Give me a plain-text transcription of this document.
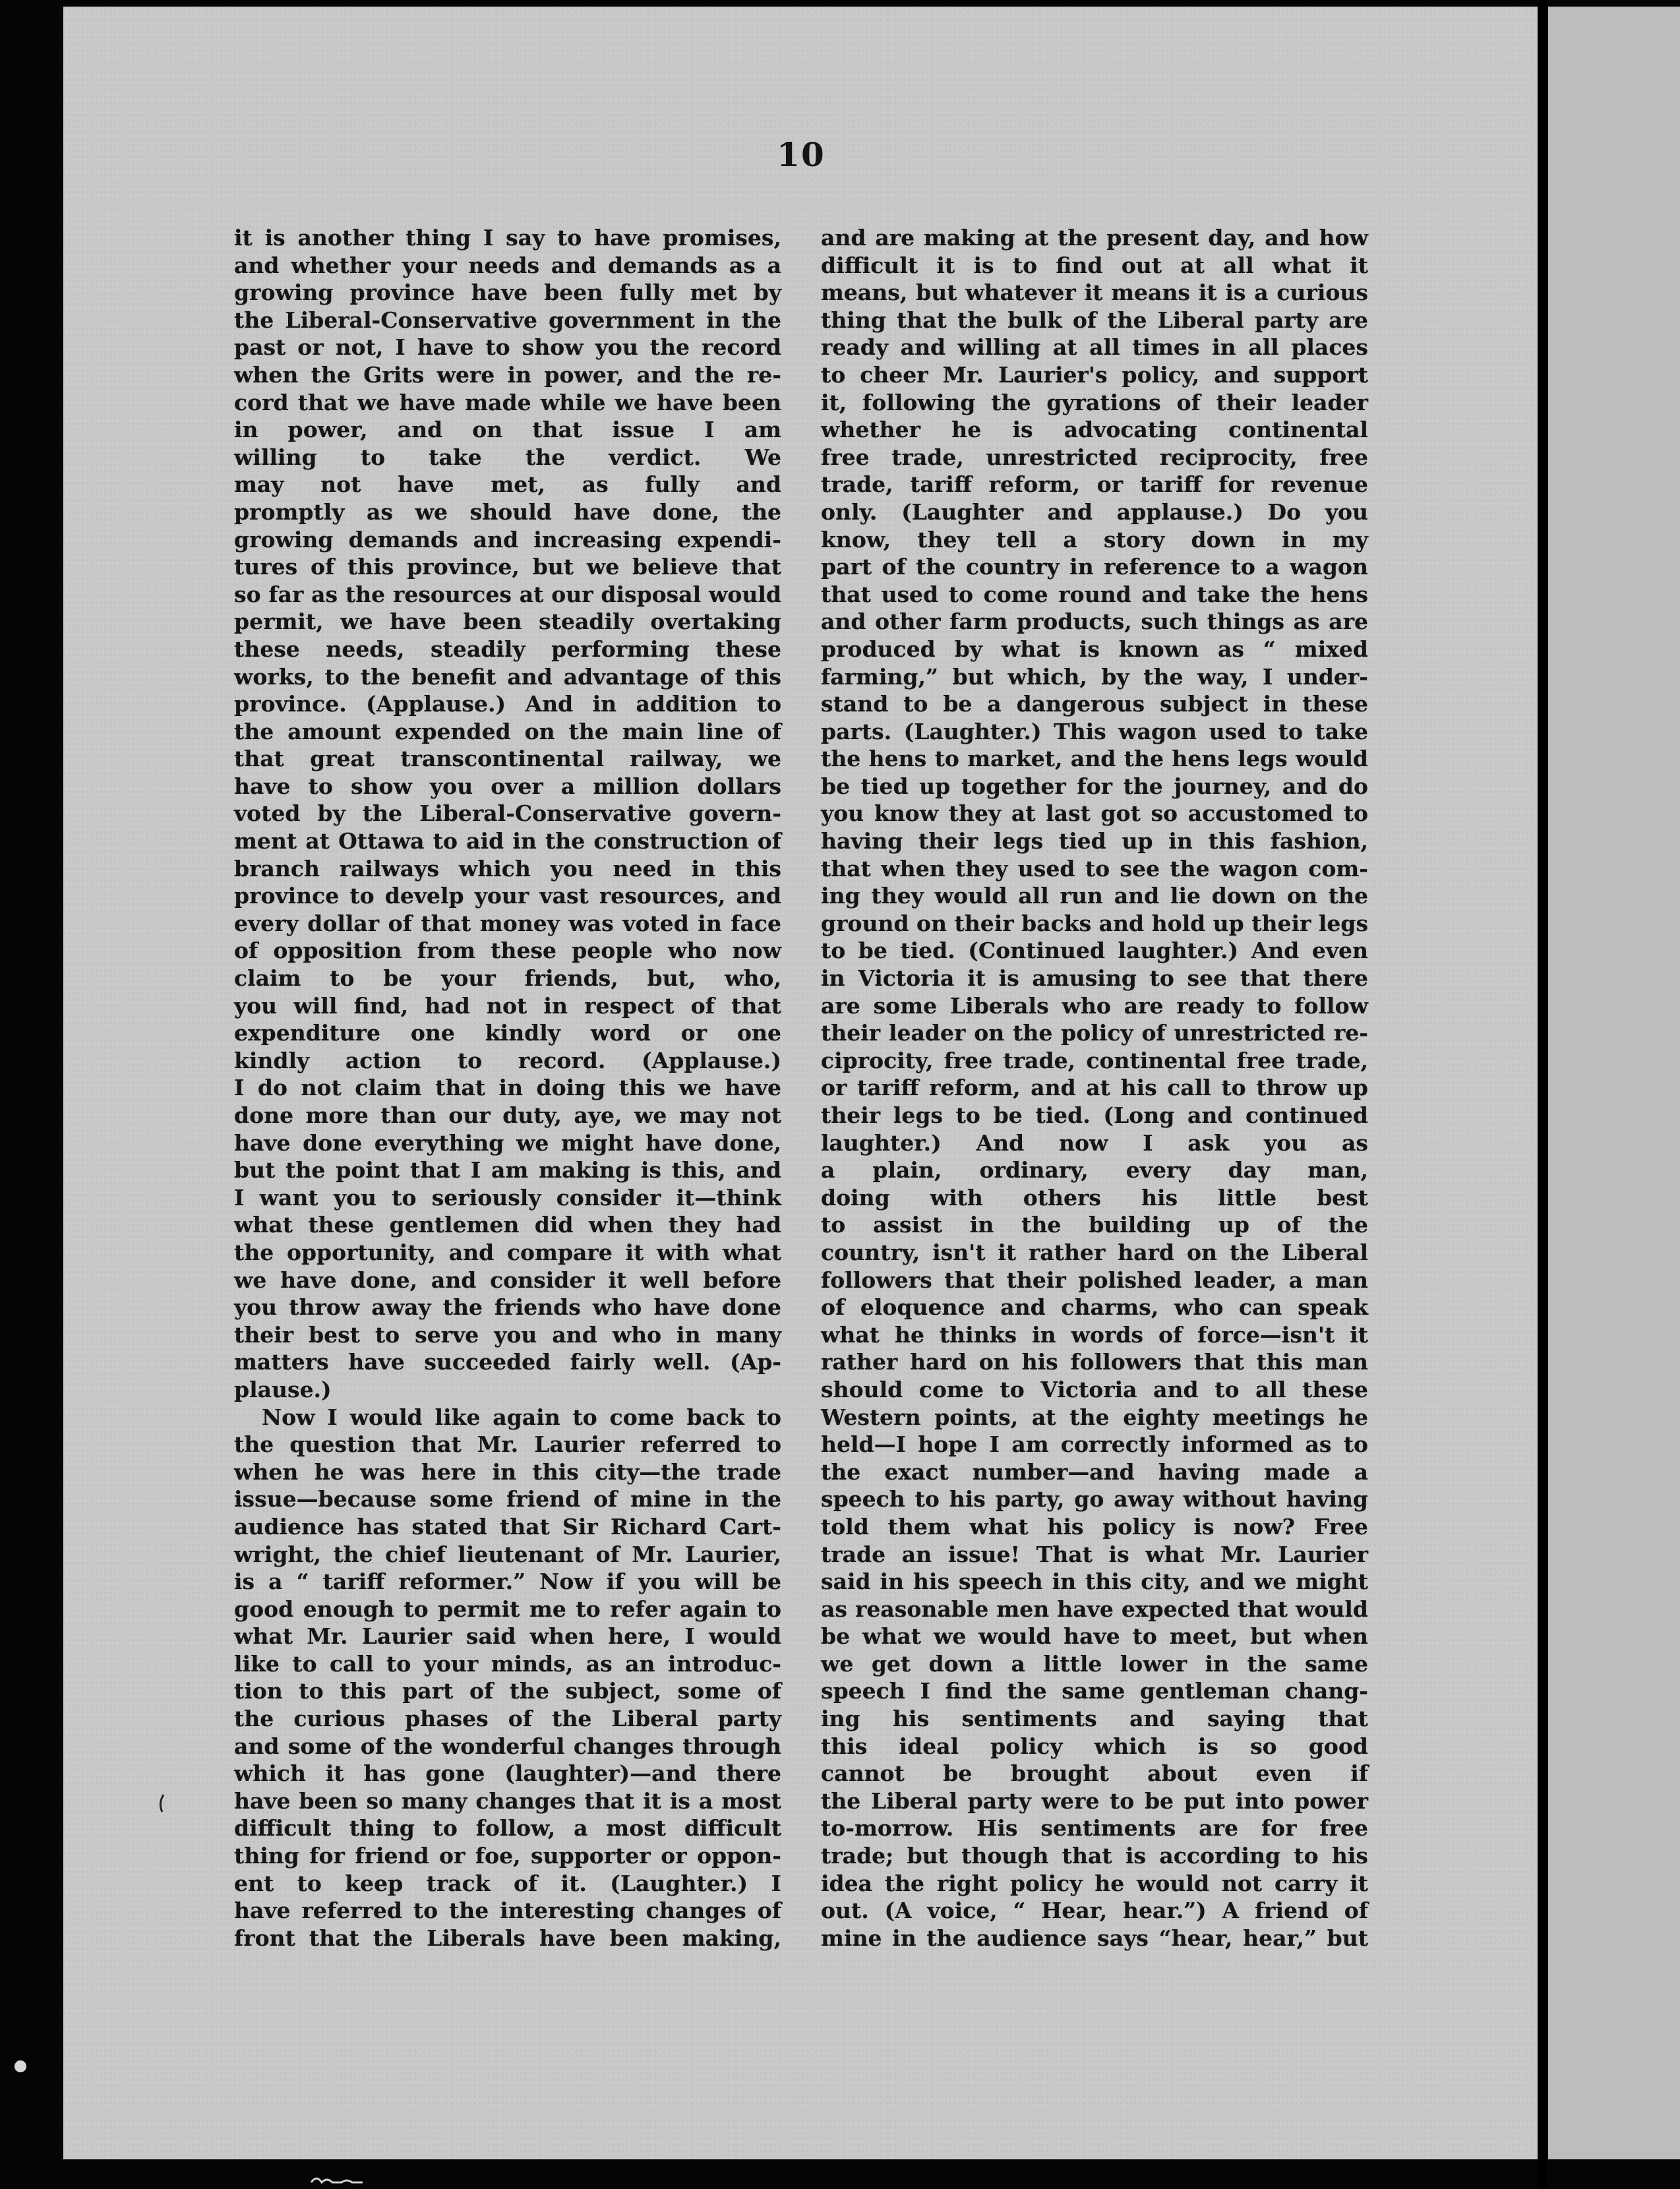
10
it is another thing I say to have promises,
and whether your needs and demands as a
growing province have been fully met by
the Liberal-Conservative government in the
past or not, I have to show you the record
when the Grits were in power, and the re-
cord that we have made while we have been
in power, and on that issue I am
willing to take the verdict. We
may not have met, as fully and
promptly as we should have done, the
growing demands and increasing expendi-
tures of this province, but we believe that
so far as the resources at our disposal would
permit, we have been steadily overtaking
these needs, steadily performing these
works, to the benefit and advantage of this
province. (Applause.) And in addition to
the amount expended on the main line of
that great transcontinental railway, we
have to show you over a million dollars
voted by the Liberal-Conservative govern-
ment at Ottawa to aid in the construction of
branch railways which you need in this
province to develp your vast resources, and
every dollar of that money was voted in face
of opposition from these people who now
claim to be your friends, but, who,
you will find, had not in respect of that
expenditure one kindly word or one
kindly action to record. (Applause.)
I do not claim that in doing this we have
done more than our duty, aye, we may not
have done everything we might have done,
but the point that I am making is this, and
I want you to seriously consider it—think
what these gentlemen did when they had
the opportunity, and compare it with what
we have done, and consider it well before
you throw away the friends who have done
their best to serve you and who in many
matters have succeeded fairly well. (Ap-
plause.)
Now I would like again to come back to
the question that Mr. Laurier referred to
when he was here in this city—the trade
issue—because some friend of mine in the
audience has stated that Sir Richard Cart-
wright, the chief lieutenant of Mr. Laurier,
is a “ tariff reformer.” Now if you will be
good enough to permit me to refer again to
what Mr. Laurier said when here, I would
like to call to your minds, as an introduc-
tion to this part of the subject, some of
the curious phases of the Liberal party
and some of the wonderful changes through
which it has gone (laughter)—and there
have been so many changes that it is a most
difficult thing to follow, a most difficult
thing for friend or foe, supporter or oppon-
ent to keep track of it. (Laughter.) I
have referred to the interesting changes of
front that the Liberals have been making,
and are making at the present day, and how
difficult it is to find out at all what it
means, but whatever it means it is a curious
thing that the bulk of the Liberal party are
ready and willing at all times in all places
to cheer Mr. Laurier's policy, and support
it, following the gyrations of their leader
whether he is advocating continental
free trade, unrestricted reciprocity, free
trade, tariff reform, or tariff for revenue
only. (Laughter and applause.) Do you
know, they tell a story down in my
part of the country in reference to a wagon
that used to come round and take the hens
and other farm products, such things as are
produced by what is known as “ mixed
farming,” but which, by the way, I under-
stand to be a dangerous subject in these
parts. (Laughter.) This wagon used to take
the hens to market, and the hens legs would
be tied up together for the journey, and do
you know they at last got so accustomed to
having their legs tied up in this fashion,
that when they used to see the wagon com-
ing they would all run and lie down on the
ground on their backs and hold up their legs
to be tied. (Continued laughter.) And even
in Victoria it is amusing to see that there
are some Liberals who are ready to follow
their leader on the policy of unrestricted re-
ciprocity, free trade, continental free trade,
or tariff reform, and at his call to throw up
their legs to be tied. (Long and continued
laughter.) And now I ask you as
a plain, ordinary, every day man,
doing with others his little best
to assist in the building up of the
country, isn't it rather hard on the Liberal
followers that their polished leader, a man
of eloquence and charms, who can speak
what he thinks in words of force—isn't it
rather hard on his followers that this man
should come to Victoria and to all these
Western points, at the eighty meetings he
held—I hope I am correctly informed as to
the exact number—and having made a
speech to his party, go away without having
told them what his policy is now? Free
trade an issue! That is what Mr. Laurier
said in his speech in this city, and we might
as reasonable men have expected that would
be what we would have to meet, but when
we get down a little lower in the same
speech I find the same gentleman chang-
ing his sentiments and saying that
this ideal policy which is so good
cannot be brought about even if
the Liberal party were to be put into power
to-morrow. His sentiments are for free
trade; but though that is according to his
idea the right policy he would not carry it
out. (A voice, “ Hear, hear.”) A friend of
mine in the audience says “hear, hear,” but
